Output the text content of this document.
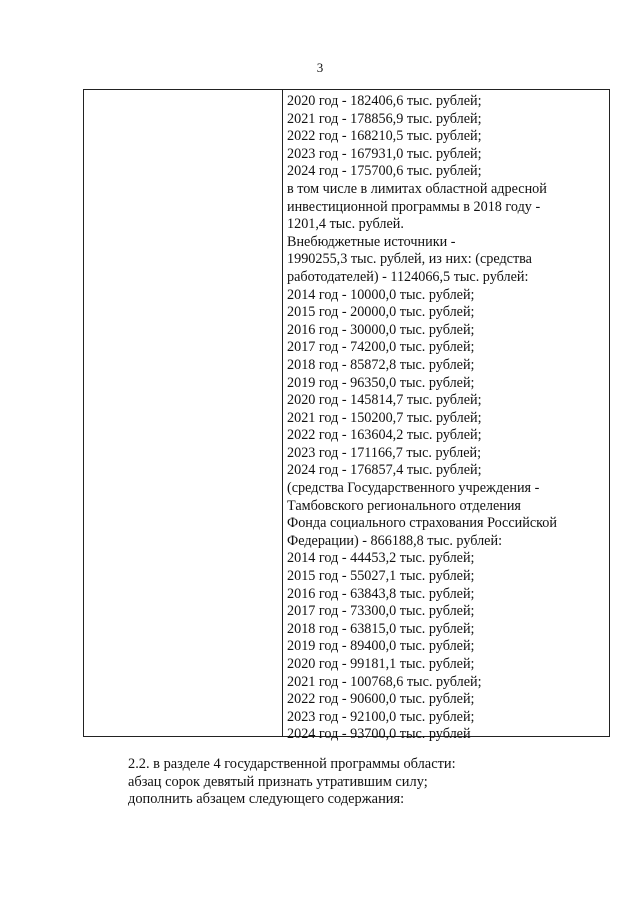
3
2020 год - 182406,6 тыс. рублей;
2021 год - 178856,9 тыс. рублей;
2022 год - 168210,5 тыс. рублей;
2023 год - 167931,0 тыс. рублей;
2024 год - 175700,6 тыс. рублей;
в том числе в лимитах областной адресной
инвестиционной программы в 2018 году -
1201,4 тыс. рублей.
Внебюджетные источники -
1990255,3 тыс. рублей, из них: (средства
работодателей) - 1124066,5 тыс. рублей:
2014 год - 10000,0 тыс. рублей;
2015 год - 20000,0 тыс. рублей;
2016 год - 30000,0 тыс. рублей;
2017 год - 74200,0 тыс. рублей;
2018 год - 85872,8 тыс. рублей;
2019 год - 96350,0 тыс. рублей;
2020 год - 145814,7 тыс. рублей;
2021 год - 150200,7 тыс. рублей;
2022 год - 163604,2 тыс. рублей;
2023 год - 171166,7 тыс. рублей;
2024 год - 176857,4 тыс. рублей;
(средства Государственного учреждения -
Тамбовского регионального отделения
Фонда социального страхования Российской
Федерации) - 866188,8 тыс. рублей:
2014 год - 44453,2 тыс. рублей;
2015 год - 55027,1 тыс. рублей;
2016 год - 63843,8 тыс. рублей;
2017 год - 73300,0 тыс. рублей;
2018 год - 63815,0 тыс. рублей;
2019 год - 89400,0 тыс. рублей;
2020 год - 99181,1 тыс. рублей;
2021 год - 100768,6 тыс. рублей;
2022 год - 90600,0 тыс. рублей;
2023 год - 92100,0 тыс. рублей;
2024 год - 93700,0 тыс. рублей
2.2. в разделе 4 государственной программы области:
абзац сорок девятый признать утратившим силу;
дополнить абзацем следующего содержания:
